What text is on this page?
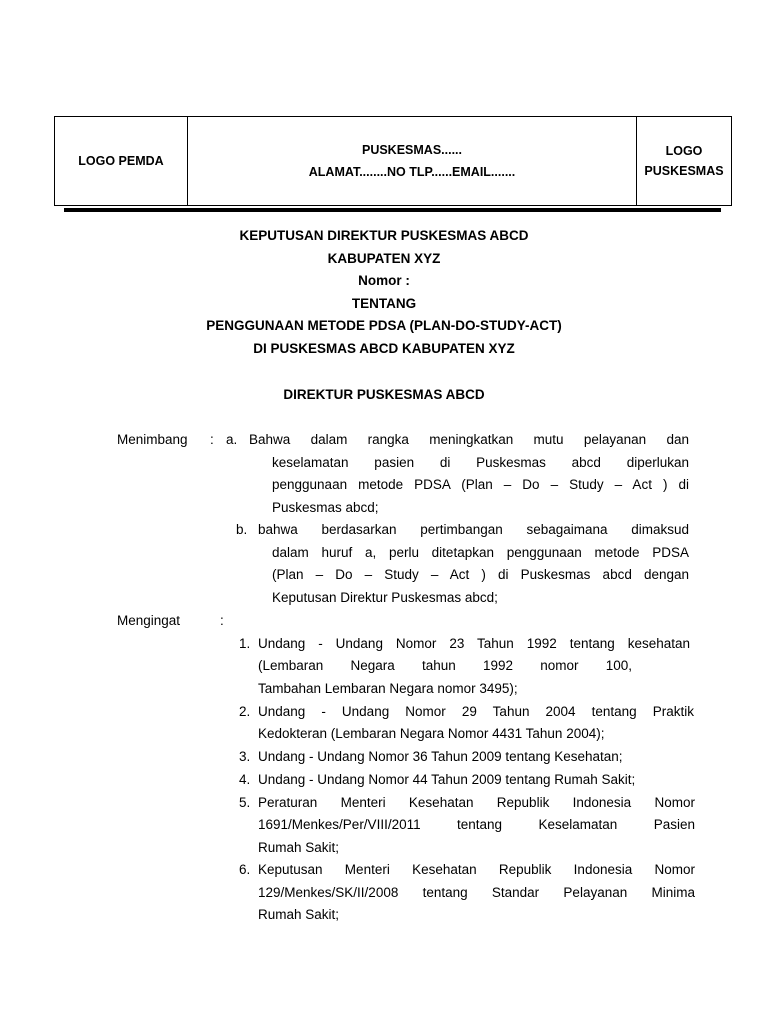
LOGO PEMDA
PUSKESMAS......
ALAMAT........NO TLP......EMAIL.......
LOGO
PUSKESMAS
KEPUTUSAN DIREKTUR PUSKESMAS ABCD
KABUPATEN XYZ
Nomor :
TENTANG
PENGGUNAAN METODE PDSA (PLAN-DO-STUDY-ACT)
DI PUSKESMAS ABCD KABUPATEN XYZ
DIREKTUR PUSKESMAS ABCD
Menimbang : a. Bahwa dalam rangka meningkatkan mutu pelayanan dan
keselamatan pasien di Puskesmas abcd diperlukan
penggunaan metode PDSA (Plan – Do – Study – Act ) di
Puskesmas abcd;
b. bahwa berdasarkan pertimbangan sebagaimana dimaksud
dalam huruf a, perlu ditetapkan penggunaan metode PDSA
(Plan – Do – Study – Act ) di Puskesmas abcd dengan
Keputusan Direktur Puskesmas abcd;
Mengingat	:
1. Undang - Undang Nomor 23 Tahun 1992 tentang kesehatan
(Lembaran Negara tahun 1992 nomor 100,
Tambahan Lembaran Negara nomor 3495);
2. Undang - Undang Nomor 29 Tahun 2004 tentang Praktik
Kedokteran (Lembaran Negara Nomor 4431 Tahun 2004);
3. Undang - Undang Nomor 36 Tahun 2009 tentang Kesehatan;
4. Undang - Undang Nomor 44 Tahun 2009 tentang Rumah Sakit;
5. Peraturan Menteri Kesehatan Republik Indonesia Nomor
1691/Menkes/Per/VIII/2011 tentang Keselamatan Pasien
Rumah Sakit;
6. Keputusan Menteri Kesehatan Republik Indonesia Nomor
129/Menkes/SK/II/2008 tentang Standar Pelayanan Minima
Rumah Sakit;
